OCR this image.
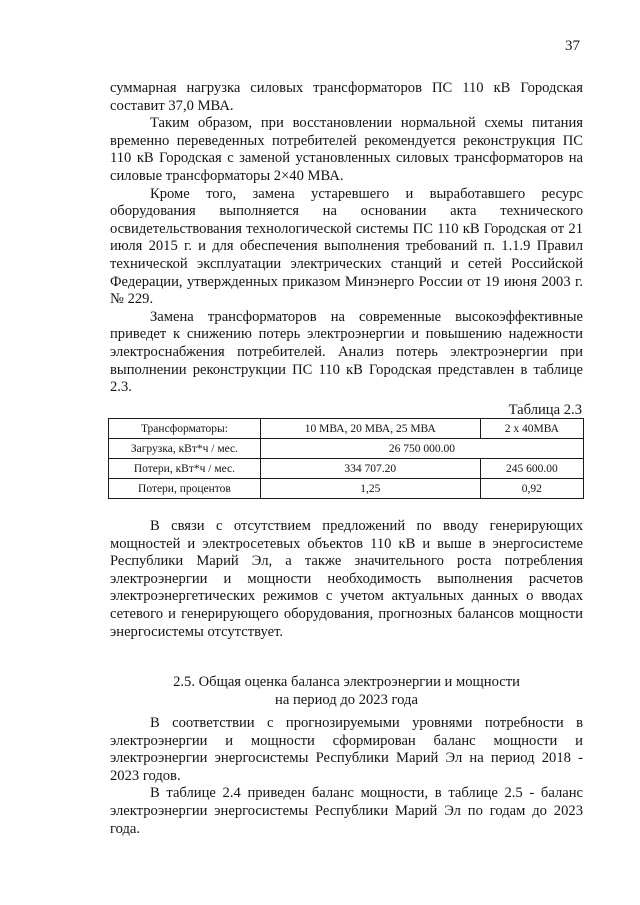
37

суммарная нагрузка силовых трансформаторов ПС 110 кВ Городская составит 37,0 МВА.

Таким образом, при восстановлении нормальной схемы питания временно переведенных потребителей рекомендуется реконструкция ПС 110 кВ Городская с заменой установленных силовых трансформаторов на силовые трансформаторы 2×40 МВА.

Кроме того, замена устаревшего и выработавшего ресурс оборудования выполняется на основании акта технического освидетельствования технологической системы ПС 110 кВ Городская от 21 июля 2015 г. и для обеспечения выполнения требований п. 1.1.9 Правил технической эксплуатации электрических станций и сетей Российской Федерации, утвержденных приказом Минэнерго России от 19 июня 2003 г. № 229.

Замена трансформаторов на современные высокоэффективные приведет к снижению потерь электроэнергии и повышению надежности электроснабжения потребителей. Анализ потерь электроэнергии при выполнении реконструкции ПС 110 кВ Городская представлен в таблице 2.3.

Таблица 2.3
Трансформаторы:	10 МВА, 20 МВА, 25 МВА	2 х 40МВА
Загрузка, кВт*ч / мес.	26 750 000.00	
Потери, кВт*ч / мес.	334 707.20	245 600.00
Потери, процентов	1,25	0,92

В связи с отсутствием предложений по вводу генерирующих мощностей и электросетевых объектов 110 кВ и выше в энергосистеме Республики Марий Эл, а также значительного роста потребления электроэнергии и мощности необходимость выполнения расчетов электроэнергетических режимов с учетом актуальных данных о вводах сетевого и генерирующего оборудования, прогнозных балансов мощности энергосистемы отсутствует.

2.5. Общая оценка баланса электроэнергии и мощности
на период до 2023 года

В соответствии с прогнозируемыми уровнями потребности в электроэнергии и мощности сформирован баланс мощности и электроэнергии энергосистемы Республики Марий Эл на период 2018 - 2023 годов.

В таблице 2.4 приведен баланс мощности, в таблице 2.5 - баланс электроэнергии энергосистемы Республики Марий Эл по годам до 2023 года.
